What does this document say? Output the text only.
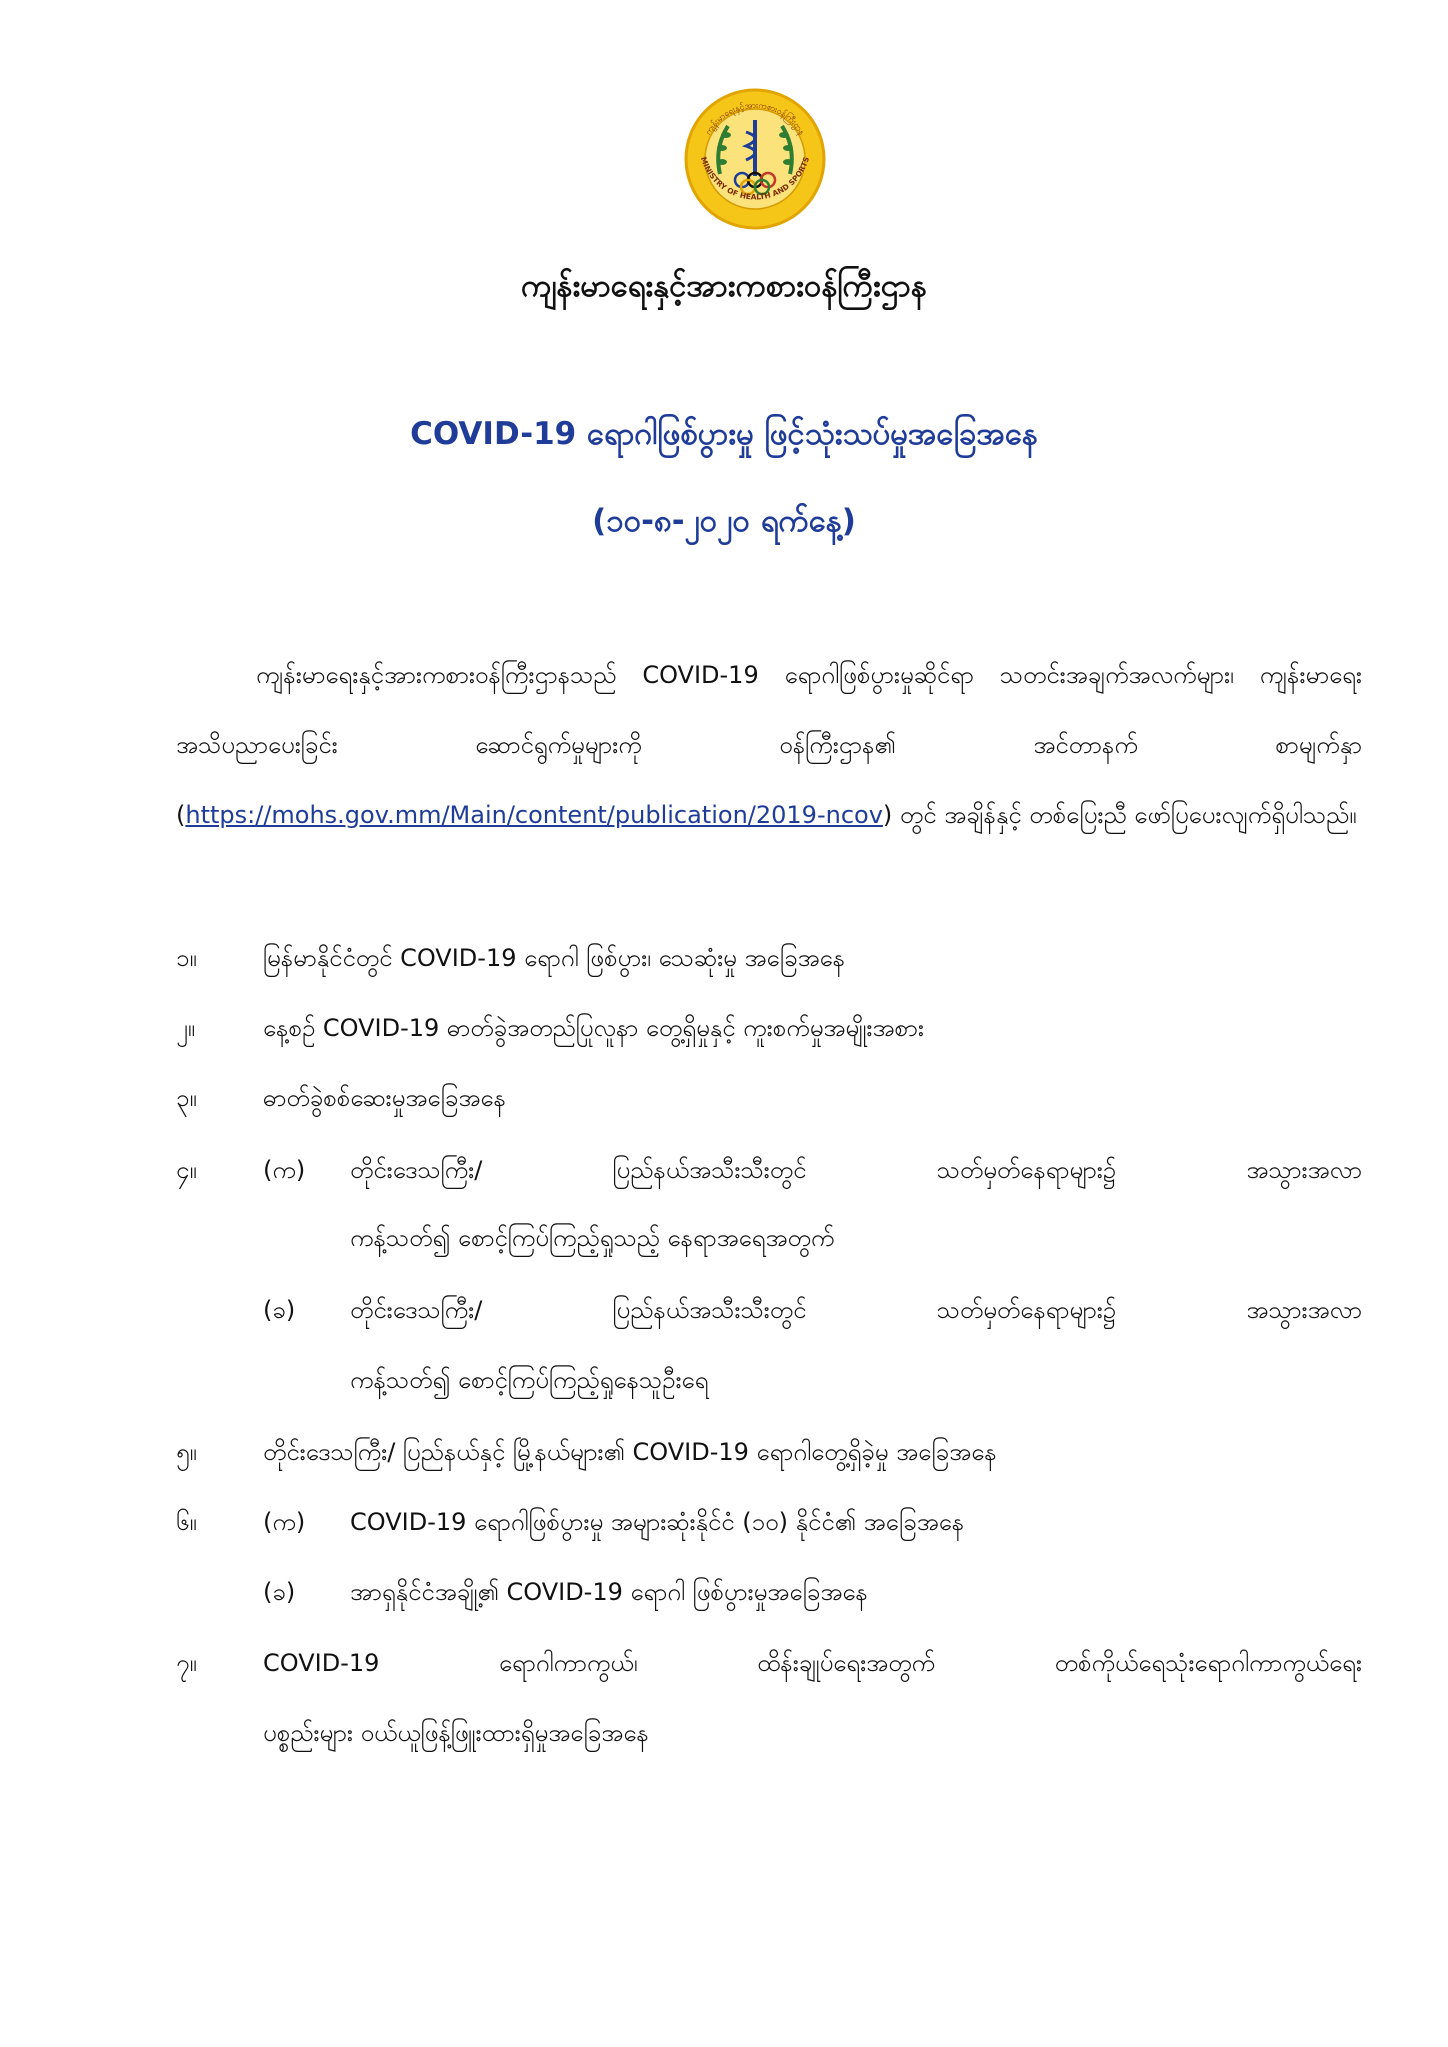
ကျန်းမာရေးနှင့်အားကစားဝန်ကြီးဌာန
MINISTRY OF HEALTH AND SPORTS
ကျန်းမာရေးနှင့်အားကစားဝန်ကြီးဌာန
COVID-19 ရောဂါဖြစ်ပွားမှု ဖြင့်သုံးသပ်မှုအခြေအနေ
(၁၀-၈-၂၀၂၀ ရက်နေ့)
ကျန်းမာရေးနှင့်အားကစားဝန်ကြီးဌာနသည် COVID-19 ရောဂါဖြစ်ပွားမှုဆိုင်ရာ သတင်းအချက်အလက်များ၊ ကျန်းမာရေးအသိပညာပေးခြင်း ဆောင်ရွက်မှုများကို ဝန်ကြီးဌာန၏ အင်တာနက် စာမျက်နှာ (https://mohs.gov.mm/Main/content/publication/2019-ncov) တွင် အချိန်နှင့် တစ်ပြေးညီ ဖော်ပြပေးလျက်ရှိပါသည်။
၁။	မြန်မာနိုင်ငံတွင် COVID-19 ရောဂါ ဖြစ်ပွား၊ သေဆုံးမှု အခြေအနေ
၂။	နေ့စဉ် COVID-19 ဓာတ်ခွဲအတည်ပြုလူနာ တွေ့ရှိမှုနှင့် ကူးစက်မှုအမျိုးအစား
၃။	ဓာတ်ခွဲစစ်ဆေးမှုအခြေအနေ
၄။	(က) တိုင်းဒေသကြီး/ ပြည်နယ်အသီးသီးတွင် သတ်မှတ်နေရာများ၌ အသွားအလာ
ကန့်သတ်၍ စောင့်ကြပ်ကြည့်ရှုသည့် နေရာအရေအတွက်
(ခ) တိုင်းဒေသကြီး/ ပြည်နယ်အသီးသီးတွင် သတ်မှတ်နေရာများ၌ အသွားအလာ
ကန့်သတ်၍ စောင့်ကြပ်ကြည့်ရှုနေသူဦးရေ
၅။	တိုင်းဒေသကြီး/ ပြည်နယ်နှင့် မြို့နယ်များ၏ COVID-19 ရောဂါတွေ့ရှိခဲ့မှု အခြေအနေ
၆။	(က) COVID-19 ရောဂါဖြစ်ပွားမှု အများဆုံးနိုင်ငံ (၁၀) နိုင်ငံ၏ အခြေအနေ
(ခ) အာရှနိုင်ငံအချို့၏ COVID-19 ရောဂါ ဖြစ်ပွားမှုအခြေအနေ
၇။	COVID-19 ရောဂါကာကွယ်၊ ထိန်းချုပ်ရေးအတွက် တစ်ကိုယ်ရေသုံးရောဂါကာကွယ်ရေး
ပစ္စည်းများ ဝယ်ယူဖြန့်ဖြူးထားရှိမှုအခြေအနေ
